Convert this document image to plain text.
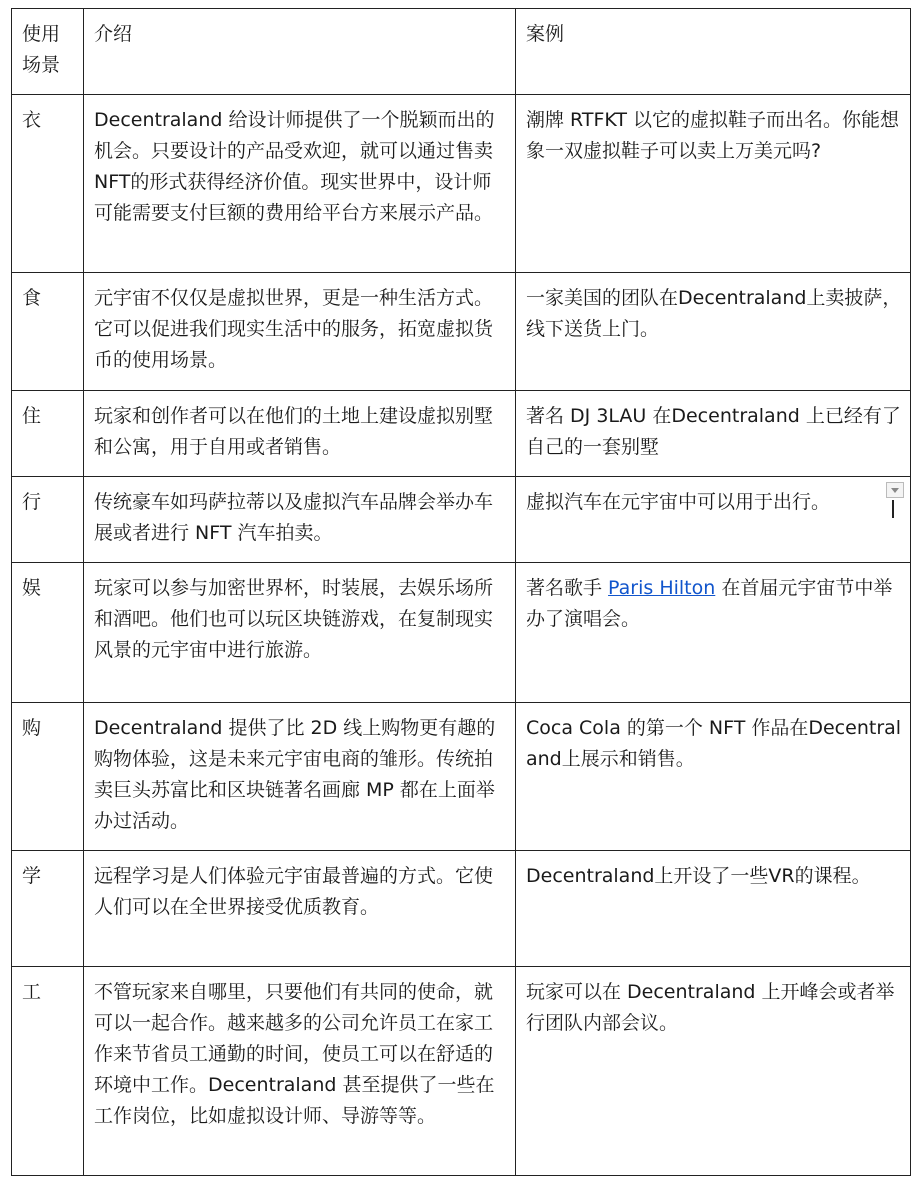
使用场景	介绍	案例
衣	Decentraland 给设计师提供了一个脱颖而出的机会。只要设计的产品受欢迎，就可以通过售卖NFT的形式获得经济价值。现实世界中，设计师可能需要支付巨额的费用给平台方来展示产品。	潮牌 RTFKT 以它的虚拟鞋子而出名。你能想象一双虚拟鞋子可以卖上万美元吗?
食	元宇宙不仅仅是虚拟世界，更是一种生活方式。它可以促进我们现实生活中的服务，拓宽虚拟货币的使用场景。	一家美国的团队在Decentraland上卖披萨，线下送货上门。
住	玩家和创作者可以在他们的土地上建设虚拟别墅和公寓，用于自用或者销售。	著名 DJ 3LAU 在Decentraland 上已经有了自己的一套别墅
行	传统豪车如玛萨拉蒂以及虚拟汽车品牌会举办车展或者进行 NFT 汽车拍卖。	虚拟汽车在元宇宙中可以用于出行。
娱	玩家可以参与加密世界杯，时装展，去娱乐场所和酒吧。他们也可以玩区块链游戏，在复制现实风景的元宇宙中进行旅游。	著名歌手 Paris Hilton 在首届元宇宙节中举办了演唱会。
购	Decentraland 提供了比 2D 线上购物更有趣的购物体验，这是未来元宇宙电商的雏形。传统拍卖巨头苏富比和区块链著名画廊 MP 都在上面举办过活动。	Coca Cola 的第一个 NFT 作品在Decentraland上展示和销售。
学	远程学习是人们体验元宇宙最普遍的方式。它使人们可以在全世界接受优质教育。	Decentraland上开设了一些VR的课程。
工	不管玩家来自哪里，只要他们有共同的使命，就可以一起合作。越来越多的公司允许员工在家工作来节省员工通勤的时间，使员工可以在舒适的环境中工作。Decentraland 甚至提供了一些在工作岗位，比如虚拟设计师、导游等等。	玩家可以在 Decentraland 上开峰会或者举行团队内部会议。
